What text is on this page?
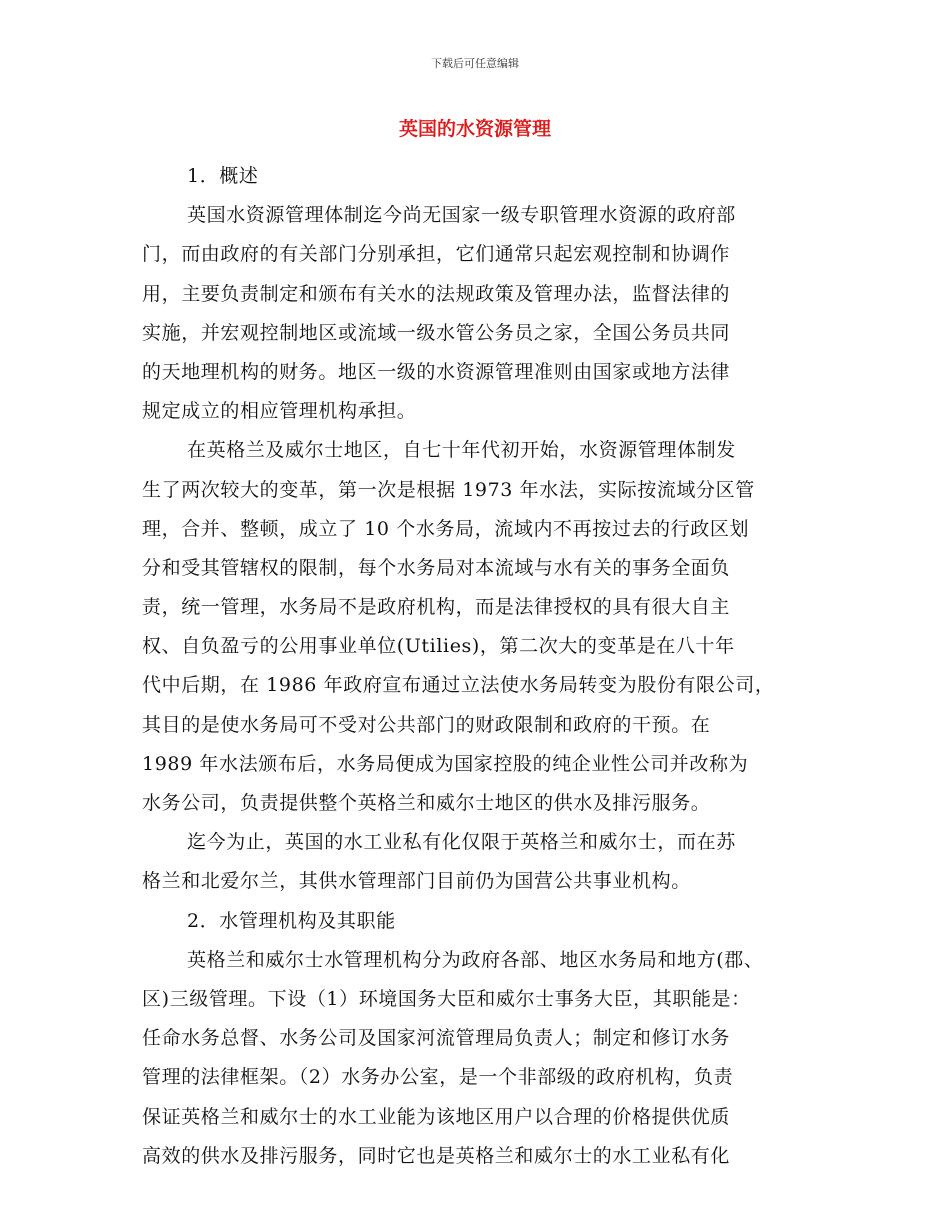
下载后可任意编辑
英国的水资源管理
1．概述
英国水资源管理体制迄今尚无国家一级专职管理水资源的政府部
门，而由政府的有关部门分别承担，它们通常只起宏观控制和协调作
用，主要负责制定和颁布有关水的法规政策及管理办法，监督法律的
实施，并宏观控制地区或流域一级水管公务员之家，全国公务员共同
的天地理机构的财务。地区一级的水资源管理准则由国家或地方法律
规定成立的相应管理机构承担。
在英格兰及威尔士地区，自七十年代初开始，水资源管理体制发
生了两次较大的变革，第一次是根据 1973 年水法，实际按流域分区管
理，合并、整顿，成立了 10 个水务局，流域内不再按过去的行政区划
分和受其管辖权的限制，每个水务局对本流域与水有关的事务全面负
责，统一管理，水务局不是政府机构，而是法律授权的具有很大自主
权、自负盈亏的公用事业单位(Utilies)，第二次大的变革是在八十年
代中后期，在 1986 年政府宣布通过立法使水务局转变为股份有限公司，
其目的是使水务局可不受对公共部门的财政限制和政府的干预。在
1989 年水法颁布后，水务局便成为国家控股的纯企业性公司并改称为
水务公司，负责提供整个英格兰和威尔士地区的供水及排污服务。
迄今为止，英国的水工业私有化仅限于英格兰和威尔士，而在苏
格兰和北爱尔兰，其供水管理部门目前仍为国营公共事业机构。
2．水管理机构及其职能
英格兰和威尔士水管理机构分为政府各部、地区水务局和地方(郡、
区)三级管理。下设（1）环境国务大臣和威尔士事务大臣，其职能是：
任命水务总督、水务公司及国家河流管理局负责人；制定和修订水务
管理的法律框架。（2）水务办公室，是一个非部级的政府机构，负责
保证英格兰和威尔士的水工业能为该地区用户以合理的价格提供优质
高效的供水及排污服务，同时它也是英格兰和威尔士的水工业私有化
